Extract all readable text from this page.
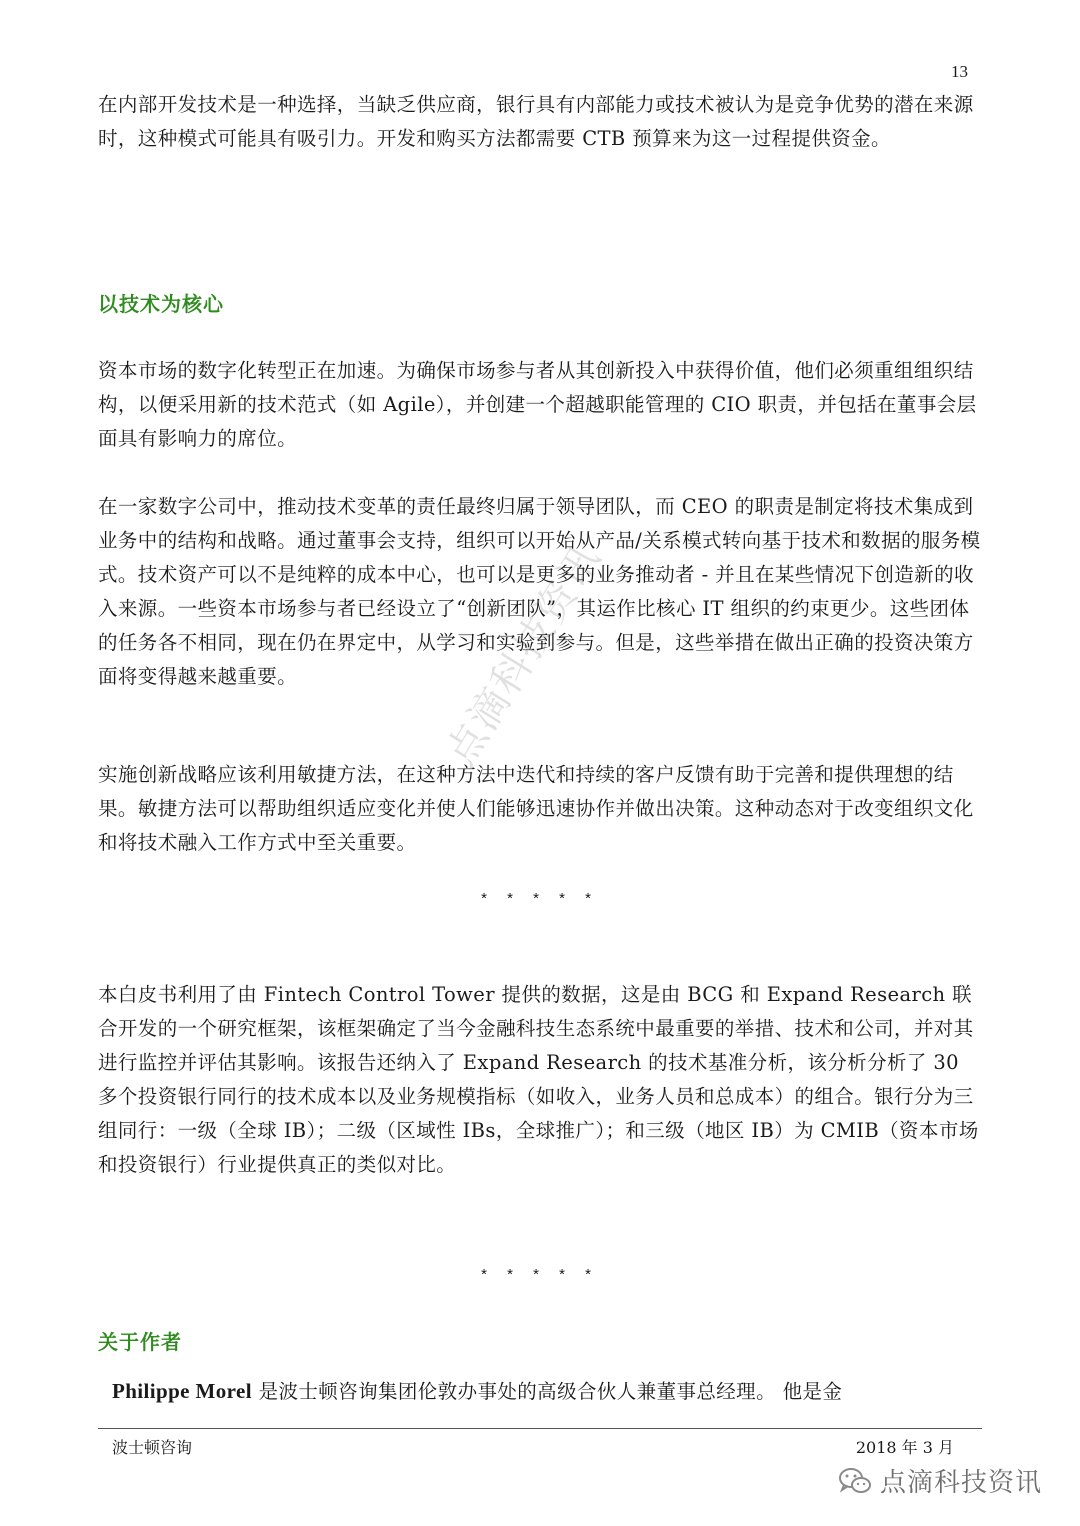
13

在内部开发技术是一种选择，当缺乏供应商，银行具有内部能力或技术被认为是竞争优势的潜在来源时，这种模式可能具有吸引力。开发和购买方法都需要 CTB 预算来为这一过程提供资金。

以技术为核心

资本市场的数字化转型正在加速。为确保市场参与者从其创新投入中获得价值，他们必须重组组织结构，以便采用新的技术范式（如 Agile），并创建一个超越职能管理的 CIO 职责，并包括在董事会层面具有影响力的席位。

在一家数字公司中，推动技术变革的责任最终归属于领导团队，而 CEO 的职责是制定将技术集成到业务中的结构和战略。通过董事会支持，组织可以开始从产品/关系模式转向基于技术和数据的服务模式。技术资产可以不是纯粹的成本中心，也可以是更多的业务推动者 - 并且在某些情况下创造新的收入来源。一些资本市场参与者已经设立了“创新团队”，其运作比核心 IT 组织的约束更少。这些团体的任务各不相同，现在仍在界定中，从学习和实验到参与。但是，这些举措在做出正确的投资决策方面将变得越来越重要。

实施创新战略应该利用敏捷方法，在这种方法中迭代和持续的客户反馈有助于完善和提供理想的结果。敏捷方法可以帮助组织适应变化并使人们能够迅速协作并做出决策。这种动态对于改变组织文化和将技术融入工作方式中至关重要。

* * * * *

本白皮书利用了由 Fintech Control Tower 提供的数据，这是由 BCG 和 Expand Research 联合开发的一个研究框架，该框架确定了当今金融科技生态系统中最重要的举措、技术和公司，并对其进行监控并评估其影响。该报告还纳入了 Expand Research 的技术基准分析，该分析分析了 30 多个投资银行同行的技术成本以及业务规模指标（如收入，业务人员和总成本）的组合。银行分为三组同行：一级（全球 IB）；二级（区域性 IBs，全球推广）；和三级（地区 IB）为 CMIB（资本市场和投资银行）行业提供真正的类似对比。

* * * * *
关于作者

Philippe Morel 是波士顿咨询集团伦敦办事处的高级合伙人兼董事总经理。 他是金

波士顿咨询	2018 年 3 月
点滴科技资讯
点滴科技资讯
